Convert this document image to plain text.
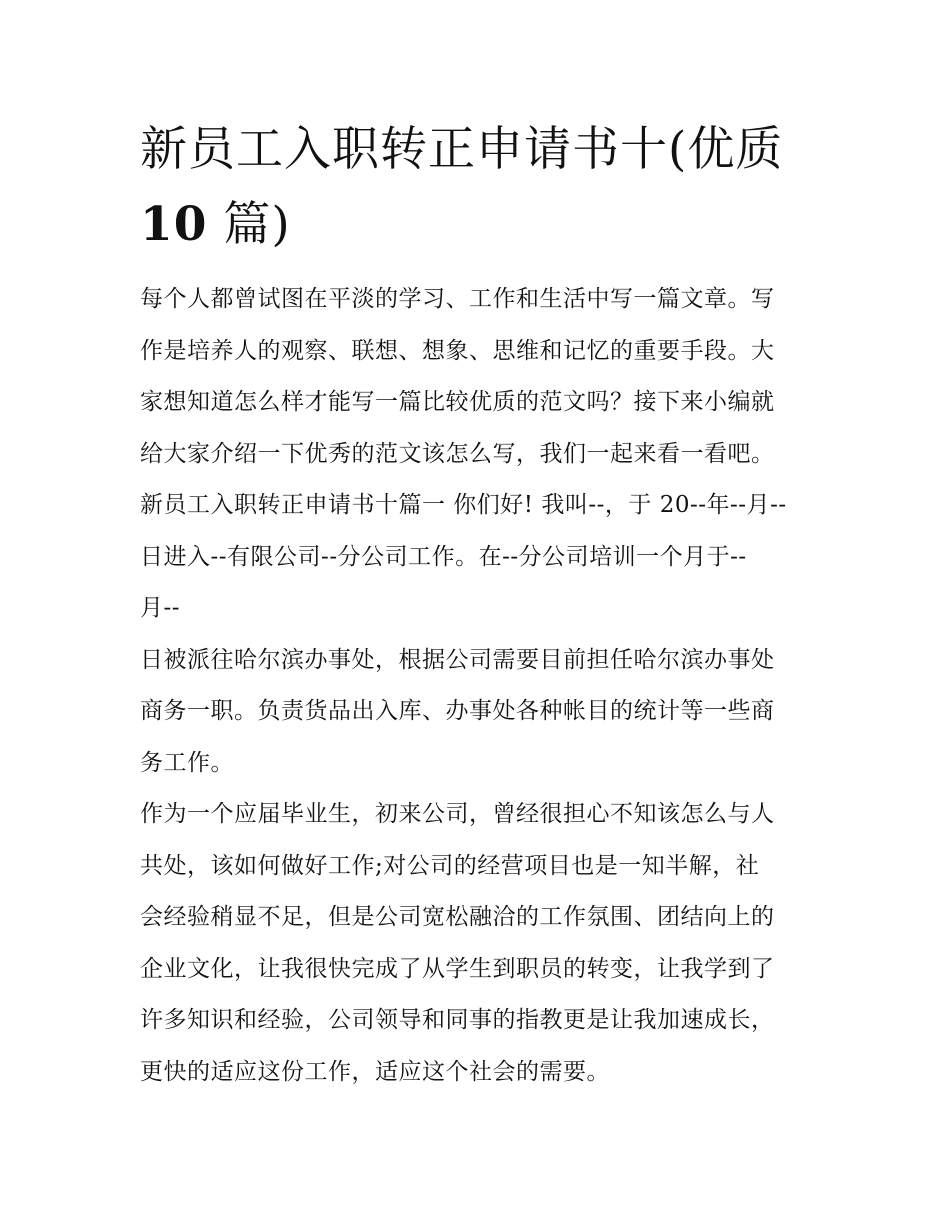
新员工入职转正申请书十(优质
10 篇)

每个人都曾试图在平淡的学习、工作和生活中写一篇文章。写
作是培养人的观察、联想、想象、思维和记忆的重要手段。大
家想知道怎么样才能写一篇比较优质的范文吗？接下来小编就
给大家介绍一下优秀的范文该怎么写，我们一起来看一看吧。

新员工入职转正申请书十篇一 你们好! 我叫--，于 20--年--月--
日进入--有限公司--分公司工作。在--分公司培训一个月于--
月--

日被派往哈尔滨办事处，根据公司需要目前担任哈尔滨办事处
商务一职。负责货品出入库、办事处各种帐目的统计等一些商
务工作。

作为一个应届毕业生，初来公司，曾经很担心不知该怎么与人
共处，该如何做好工作;对公司的经营项目也是一知半解，社
会经验稍显不足，但是公司宽松融洽的工作氛围、团结向上的
企业文化，让我很快完成了从学生到职员的转变，让我学到了
许多知识和经验，公司领导和同事的指教更是让我加速成长，
更快的适应这份工作，适应这个社会的需要。
